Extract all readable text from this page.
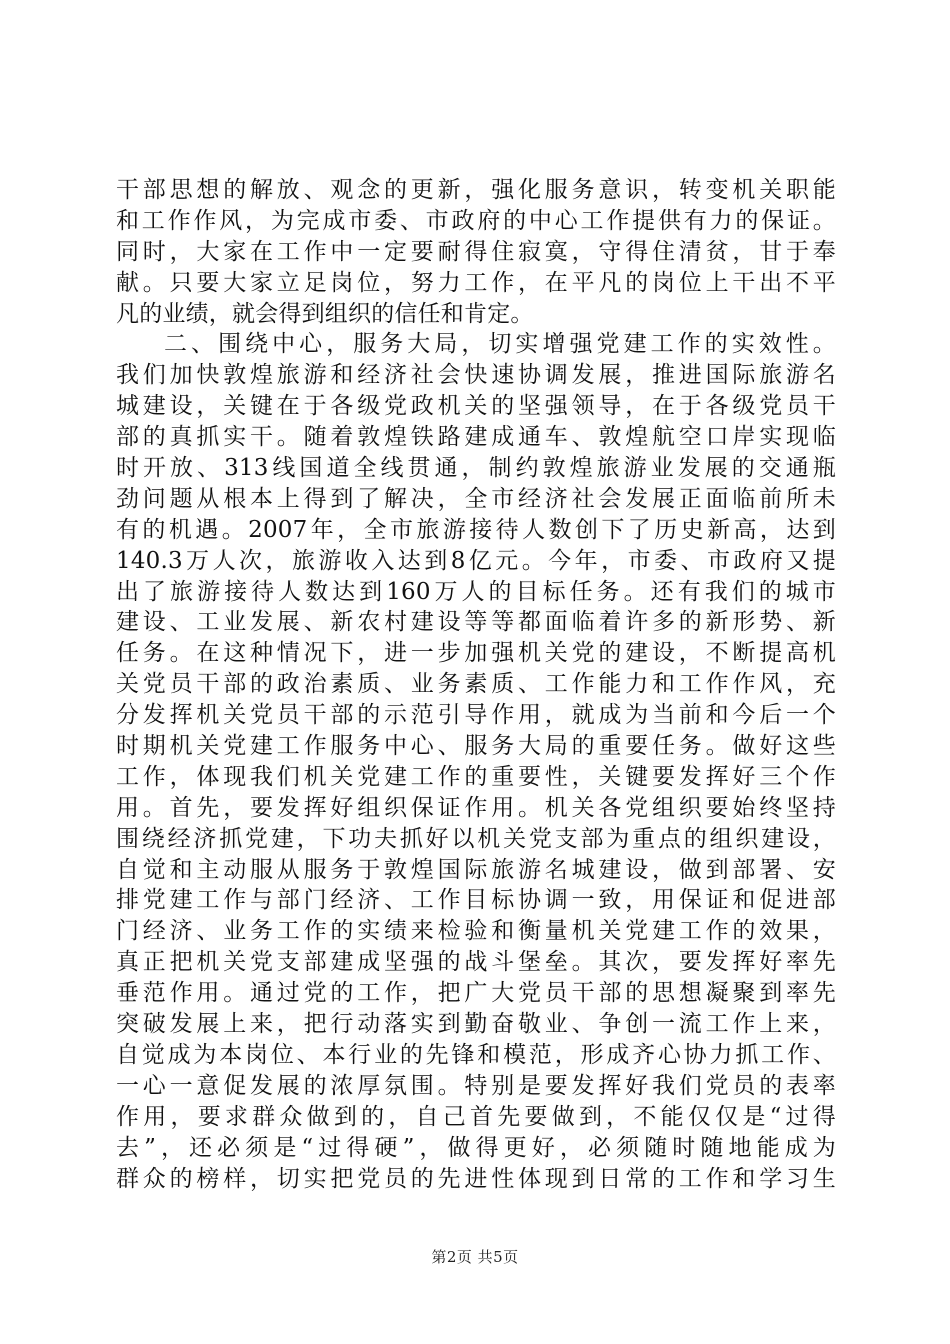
干部思想的解放、观念的更新，强化服务意识，转变机关职能
和工作作风，为完成市委、市政府的中心工作提供有力的保证。
同时，大家在工作中一定要耐得住寂寞，守得住清贫，甘于奉
献。只要大家立足岗位，努力工作，在平凡的岗位上干出不平
凡的业绩，就会得到组织的信任和肯定。
二、围绕中心，服务大局，切实增强党建工作的实效性。
我们加快敦煌旅游和经济社会快速协调发展，推进国际旅游名
城建设，关键在于各级党政机关的坚强领导，在于各级党员干
部的真抓实干。随着敦煌铁路建成通车、敦煌航空口岸实现临
时开放、313线国道全线贯通，制约敦煌旅游业发展的交通瓶
劲问题从根本上得到了解决，全市经济社会发展正面临前所未
有的机遇。2007年，全市旅游接待人数创下了历史新高，达到
140.3万人次，旅游收入达到8亿元。今年，市委、市政府又提
出了旅游接待人数达到160万人的目标任务。还有我们的城市
建设、工业发展、新农村建设等等都面临着许多的新形势、新
任务。在这种情况下，进一步加强机关党的建设，不断提高机
关党员干部的政治素质、业务素质、工作能力和工作作风，充
分发挥机关党员干部的示范引导作用，就成为当前和今后一个
时期机关党建工作服务中心、服务大局的重要任务。做好这些
工作，体现我们机关党建工作的重要性，关键要发挥好三个作
用。首先，要发挥好组织保证作用。机关各党组织要始终坚持
围绕经济抓党建，下功夫抓好以机关党支部为重点的组织建设，
自觉和主动服从服务于敦煌国际旅游名城建设，做到部署、安
排党建工作与部门经济、工作目标协调一致，用保证和促进部
门经济、业务工作的实绩来检验和衡量机关党建工作的效果，
真正把机关党支部建成坚强的战斗堡垒。其次，要发挥好率先
垂范作用。通过党的工作，把广大党员干部的思想凝聚到率先
突破发展上来，把行动落实到勤奋敬业、争创一流工作上来，
自觉成为本岗位、本行业的先锋和模范，形成齐心协力抓工作、
一心一意促发展的浓厚氛围。特别是要发挥好我们党员的表率
作用，要求群众做到的，自己首先要做到，不能仅仅是“过得
去”，还必须是“过得硬”，做得更好，必须随时随地能成为
群众的榜样，切实把党员的先进性体现到日常的工作和学习生
第2页 共5页
